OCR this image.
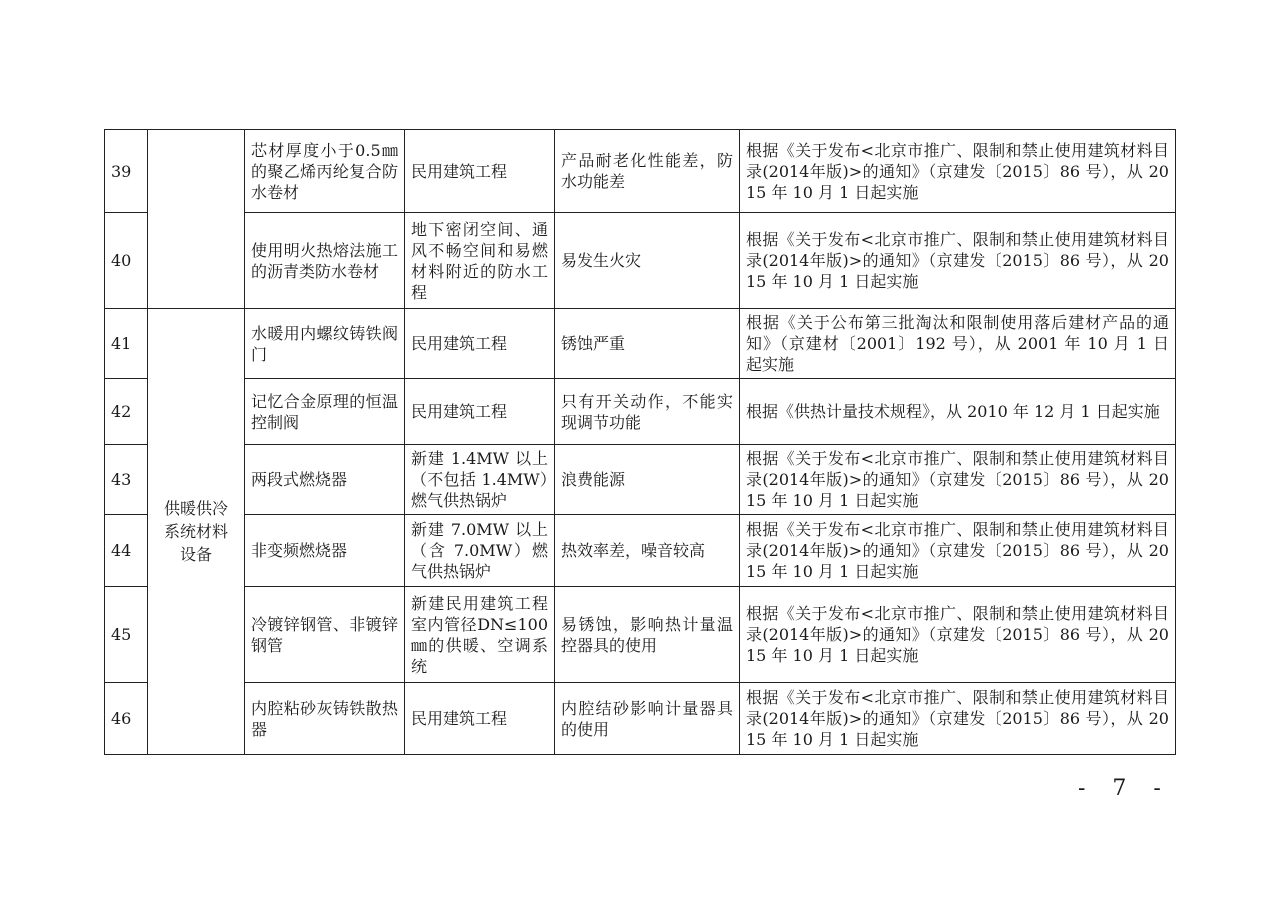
39		芯材厚度小于0.5㎜的聚乙烯丙纶复合防水卷材	民用建筑工程	产品耐老化性能差，防水功能差	根据《关于发布<北京市推广、限制和禁止使用建筑材料目录(2014年版)>的通知》（京建发〔2015〕86 号），从 2015 年 10 月 1 日起实施
40		使用明火热熔法施工的沥青类防水卷材	地下密闭空间、通风不畅空间和易燃材料附近的防水工程	易发生火灾	根据《关于发布<北京市推广、限制和禁止使用建筑材料目录(2014年版)>的通知》（京建发〔2015〕86 号），从 2015 年 10 月 1 日起实施
41	供暖供冷系统材料设备	水暖用内螺纹铸铁阀门	民用建筑工程	锈蚀严重	根据《关于公布第三批淘汰和限制使用落后建材产品的通知》（京建材〔2001〕192 号），从 2001 年 10 月 1 日 起实施
42		记忆合金原理的恒温控制阀	民用建筑工程	只有开关动作，不能实现调节功能	根据《供热计量技术规程》，从 2010 年 12 月 1 日起实施
43		两段式燃烧器	新建 1.4MW 以上（不包括 1.4MW）燃气供热锅炉	浪费能源	根据《关于发布<北京市推广、限制和禁止使用建筑材料目录(2014年版)>的通知》（京建发〔2015〕86 号），从 2015 年 10 月 1 日起实施
44		非变频燃烧器	新建 7.0MW 以上（含 7.0MW）燃气供热锅炉	热效率差，噪音较高	根据《关于发布<北京市推广、限制和禁止使用建筑材料目录(2014年版)>的通知》（京建发〔2015〕86 号），从 2015 年 10 月 1 日起实施
45		冷镀锌钢管、非镀锌钢管	新建民用建筑工程室内管径DN≤100㎜的供暖、空调系统	易锈蚀，影响热计量温控器具的使用	根据《关于发布<北京市推广、限制和禁止使用建筑材料目录(2014年版)>的通知》（京建发〔2015〕86 号），从 2015 年 10 月 1 日起实施
46		内腔粘砂灰铸铁散热器	民用建筑工程	内腔结砂影响计量器具的使用	根据《关于发布<北京市推广、限制和禁止使用建筑材料目录(2014年版)>的通知》（京建发〔2015〕86 号），从 2015 年 10 月 1 日起实施
- 7 -
